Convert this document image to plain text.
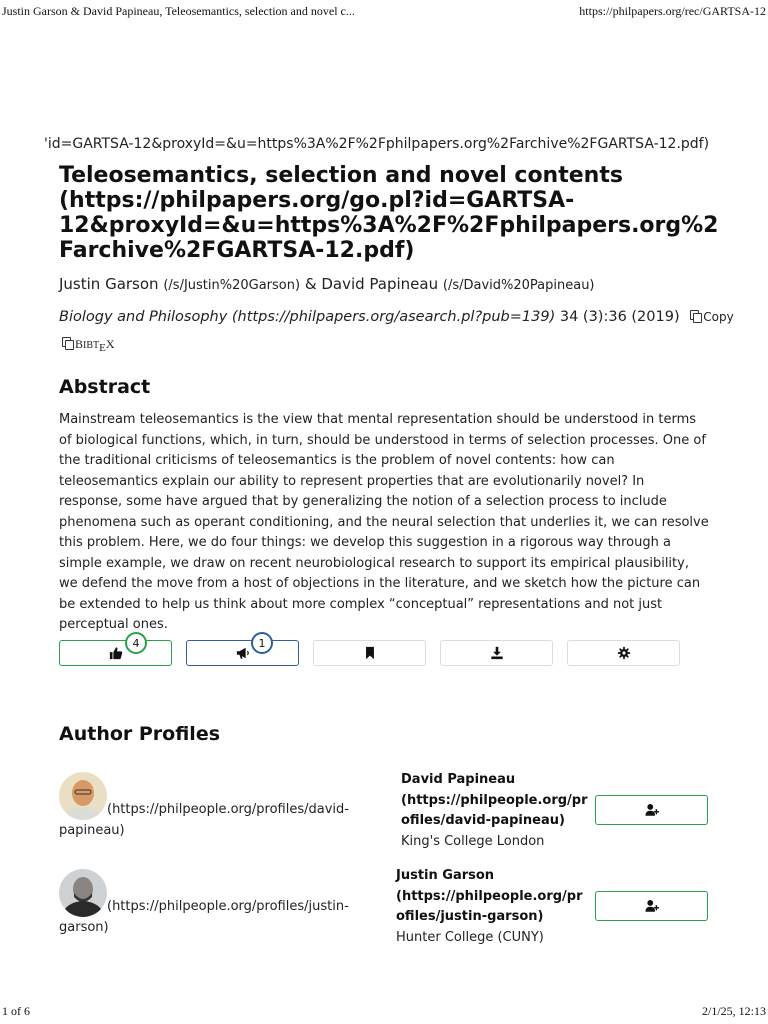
Justin Garson & David Papineau, Teleosemantics, selection and novel c...	https://philpapers.org/rec/GARTSA-12
'id=GARTSA-12&proxyId=&u=https%3A%2F%2Fphilpapers.org%2Farchive%2FGARTSA-12.pdf)
Teleosemantics, selection and novel contents (https://philpapers.org/go.pl?id=GARTSA-12&proxyId=&u=https%3A%2F%2Fphilpapers.org%2Farchive%2FGARTSA-12.pdf)
Justin Garson (/s/Justin%20Garson) & David Papineau (/s/David%20Papineau)
Biology and Philosophy (https://philpapers.org/asearch.pl?pub=139) 34 (3):36 (2019) Copy
BIBTEX
Abstract

Mainstream teleosemantics is the view that mental representation should be understood in terms of biological functions, which, in turn, should be understood in terms of selection processes. One of the traditional criticisms of teleosemantics is the problem of novel contents: how can teleosemantics explain our ability to represent properties that are evolutionarily novel? In response, some have argued that by generalizing the notion of a selection process to include phenomena such as operant conditioning, and the neural selection that underlies it, we can resolve this problem. Here, we do four things: we develop this suggestion in a rigorous way through a simple example, we draw on recent neurobiological research to support its empirical plausibility, we defend the move from a host of objections in the literature, and we sketch how the picture can be extended to help us think about more complex “conceptual” representations and not just perceptual ones.

4	1
Author Profiles
(https://philpeople.org/profiles/david-papineau)
David Papineau (https://philpeople.org/profiles/david-papineau)
King's College London
(https://philpeople.org/profiles/justin-garson)
Justin Garson (https://philpeople.org/profiles/justin-garson)
Hunter College (CUNY)
1 of 6	2/1/25, 12:13
